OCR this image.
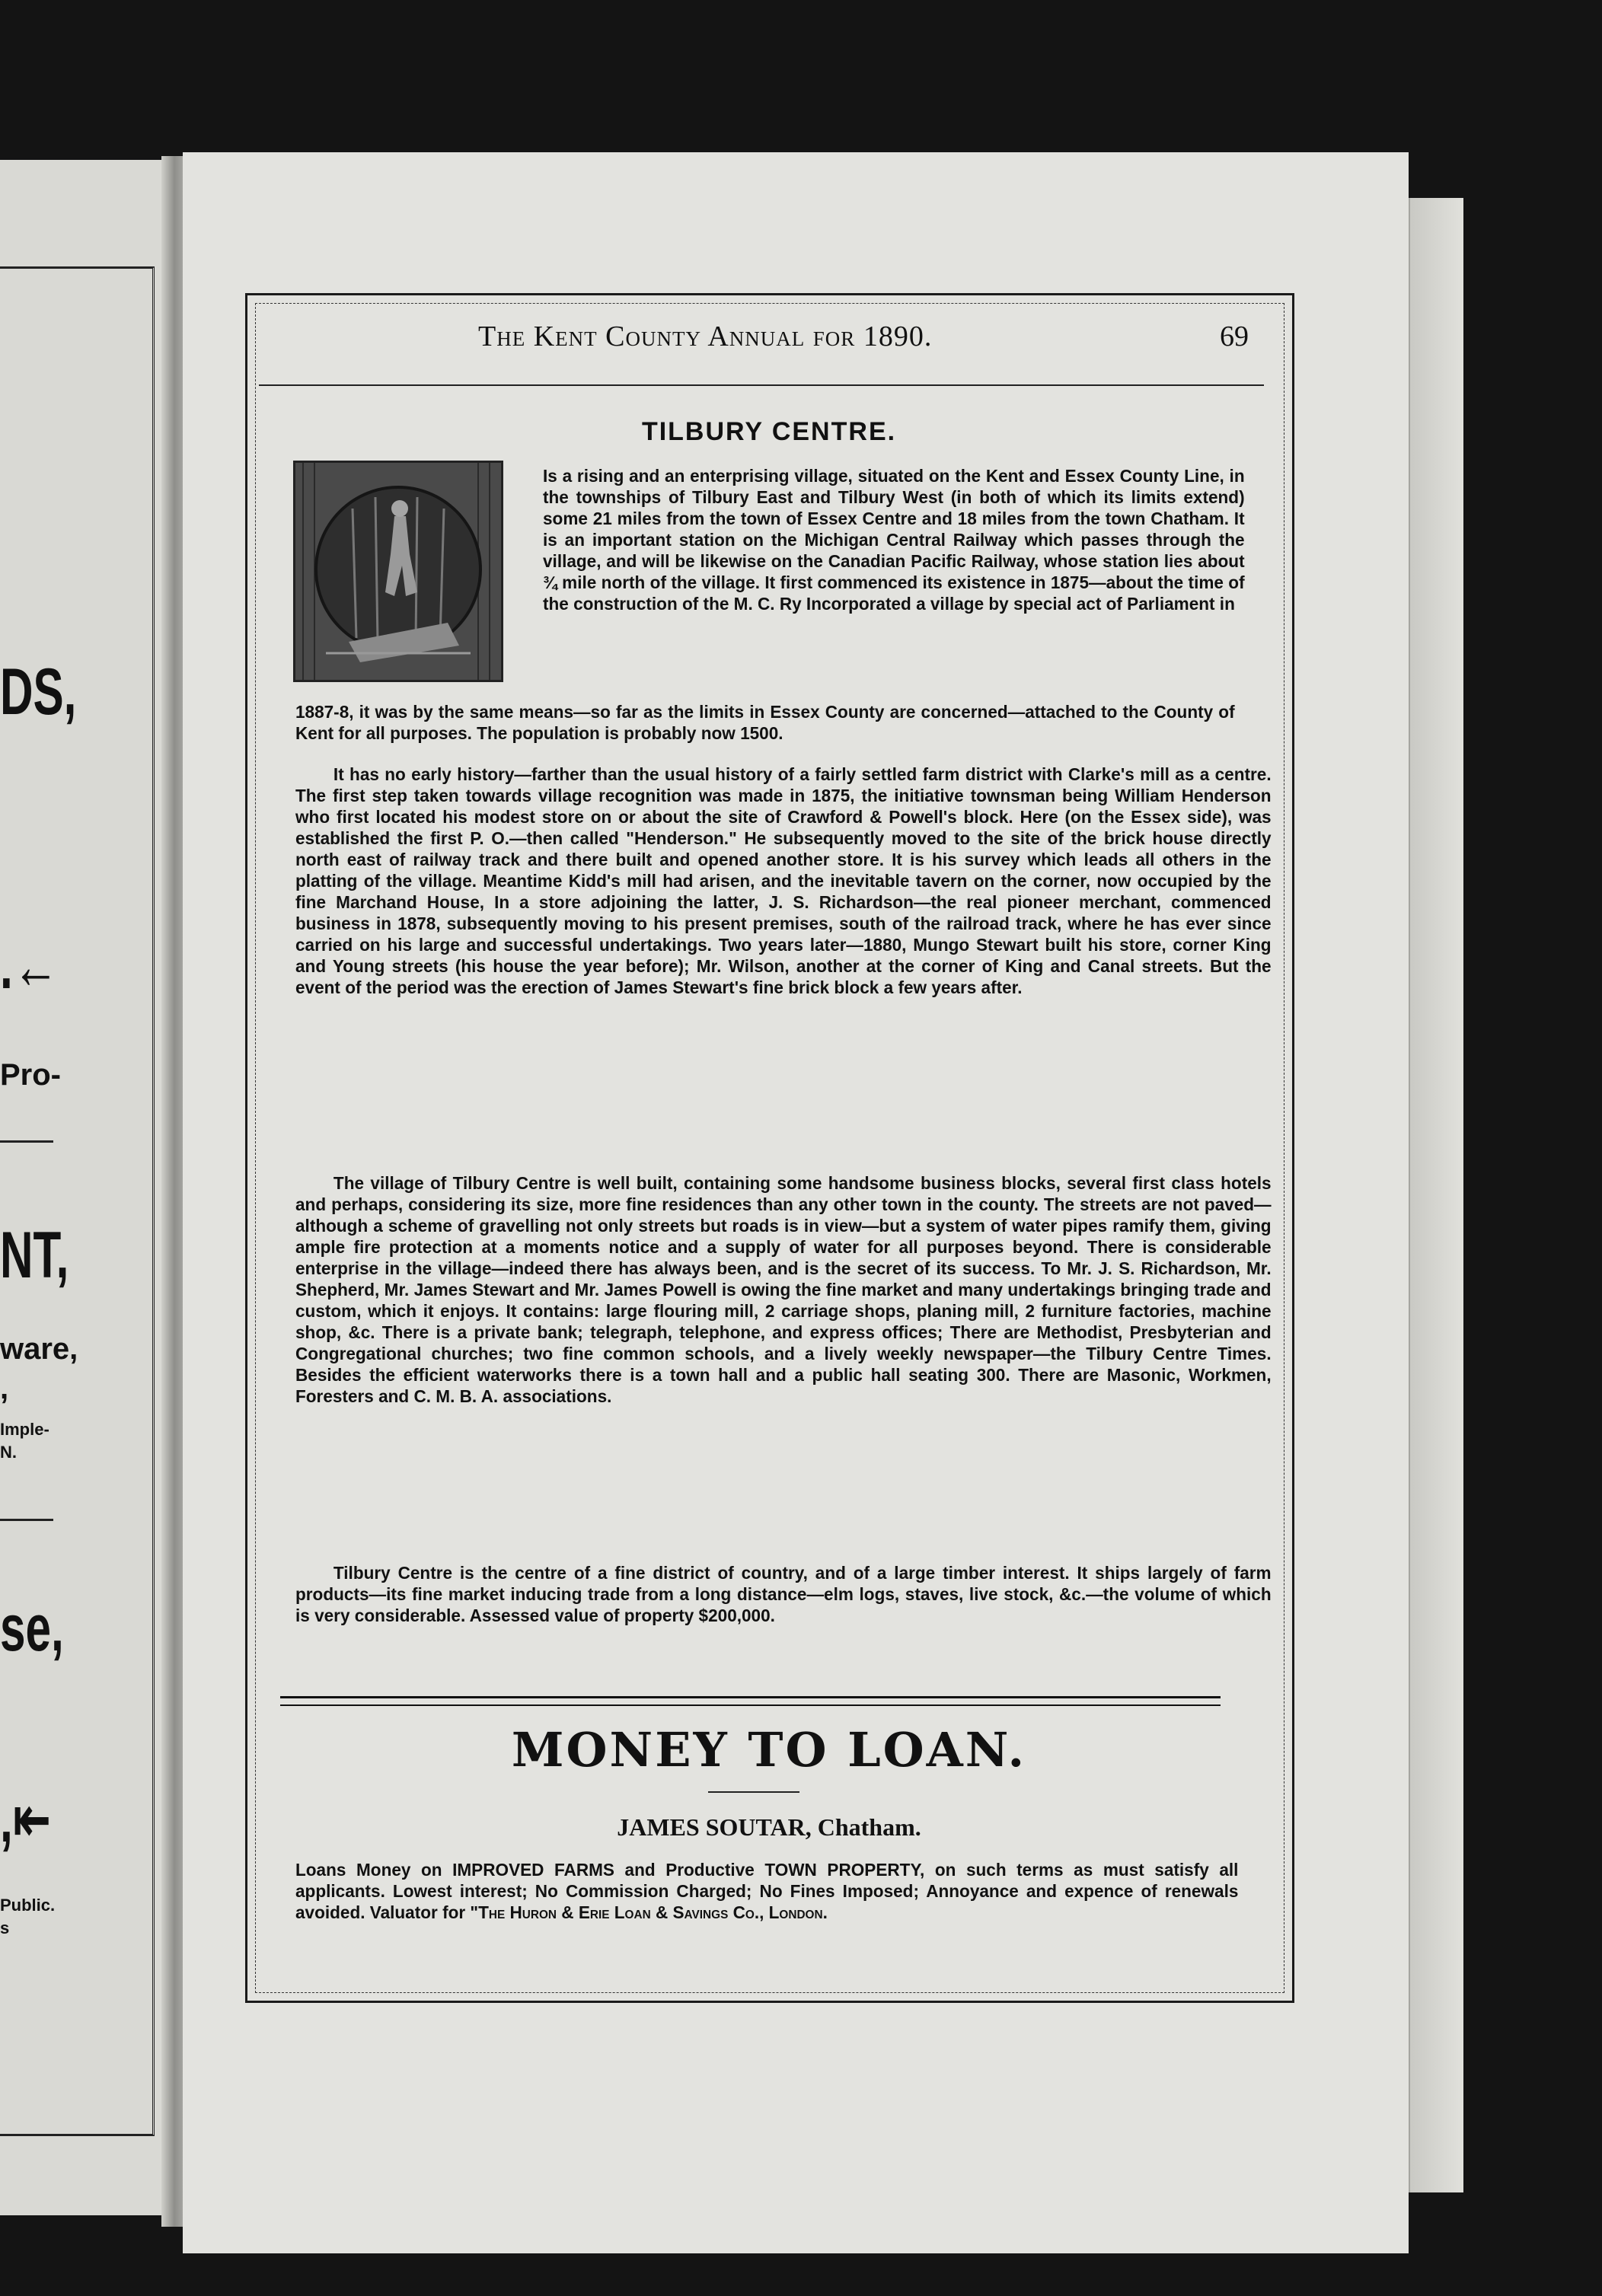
DS,
.←
Pro-
NT,
ware,
,
Imple-
N.
se,
,⇤
Public.
s
The Kent County Annual for 1890.	69
TILBURY CENTRE.
Is a rising and an enterprising village, situated on the Kent and Essex County Line, in the townships of Tilbury East and Tilbury West (in both of which its limits extend) some 21 miles from the town of Essex Centre and 18 miles from the town Chatham. It is an important station on the Michigan Central Railway which passes through the village, and will be likewise on the Canadian Pacific Railway, whose station lies about ¾ mile north of the village. It first commenced its existence in 1875—about the time of the construction of the M. C. Ry Incorporated a village by special act of Parliament in
1887-8, it was by the same means—so far as the limits in Essex County are concerned—attached to the County of Kent for all purposes. The population is probably now 1500.
It has no early history—farther than the usual history of a fairly settled farm district with Clarke's mill as a centre. The first step taken towards village recognition was made in 1875, the initiative townsman being William Henderson who first located his modest store on or about the site of Crawford & Powell's block. Here (on the Essex side), was established the first P. O.—then called "Henderson." He subsequently moved to the site of the brick house directly north east of railway track and there built and opened another store. It is his survey which leads all others in the platting of the village. Meantime Kidd's mill had arisen, and the inevitable tavern on the corner, now occupied by the fine Marchand House, In a store adjoining the latter, J. S. Richardson—the real pioneer merchant, commenced business in 1878, subsequently moving to his present premises, south of the railroad track, where he has ever since carried on his large and successful undertakings. Two years later—1880, Mungo Stewart built his store, corner King and Young streets (his house the year before); Mr. Wilson, another at the corner of King and Canal streets. But the event of the period was the erection of James Stewart's fine brick block a few years after.
The village of Tilbury Centre is well built, containing some handsome business blocks, several first class hotels and perhaps, considering its size, more fine residences than any other town in the county. The streets are not paved—although a scheme of gravelling not only streets but roads is in view—but a system of water pipes ramify them, giving ample fire protection at a moments notice and a supply of water for all purposes beyond. There is considerable enterprise in the village—indeed there has always been, and is the secret of its success. To Mr. J. S. Richardson, Mr. Shepherd, Mr. James Stewart and Mr. James Powell is owing the fine market and many undertakings bringing trade and custom, which it enjoys. It contains: large flouring mill, 2 carriage shops, planing mill, 2 furniture factories, machine shop, &c. There is a private bank; telegraph, telephone, and express offices; There are Methodist, Presbyterian and Congregational churches; two fine common schools, and a lively weekly newspaper—the Tilbury Centre Times. Besides the efficient waterworks there is a town hall and a public hall seating 300. There are Masonic, Workmen, Foresters and C. M. B. A. associations.
Tilbury Centre is the centre of a fine district of country, and of a large timber interest. It ships largely of farm products—its fine market inducing trade from a long distance—elm logs, staves, live stock, &c.—the volume of which is very considerable. Assessed value of property $200,000.
MONEY TO LOAN.
JAMES SOUTAR, Chatham.
Loans Money on IMPROVED FARMS and Productive TOWN PROPERTY, on such terms as must satisfy all applicants. Lowest interest; No Commission Charged; No Fines Imposed; Annoyance and expence of renewals avoided. Valuator for "The Huron & Erie Loan & Savings Co., London.
